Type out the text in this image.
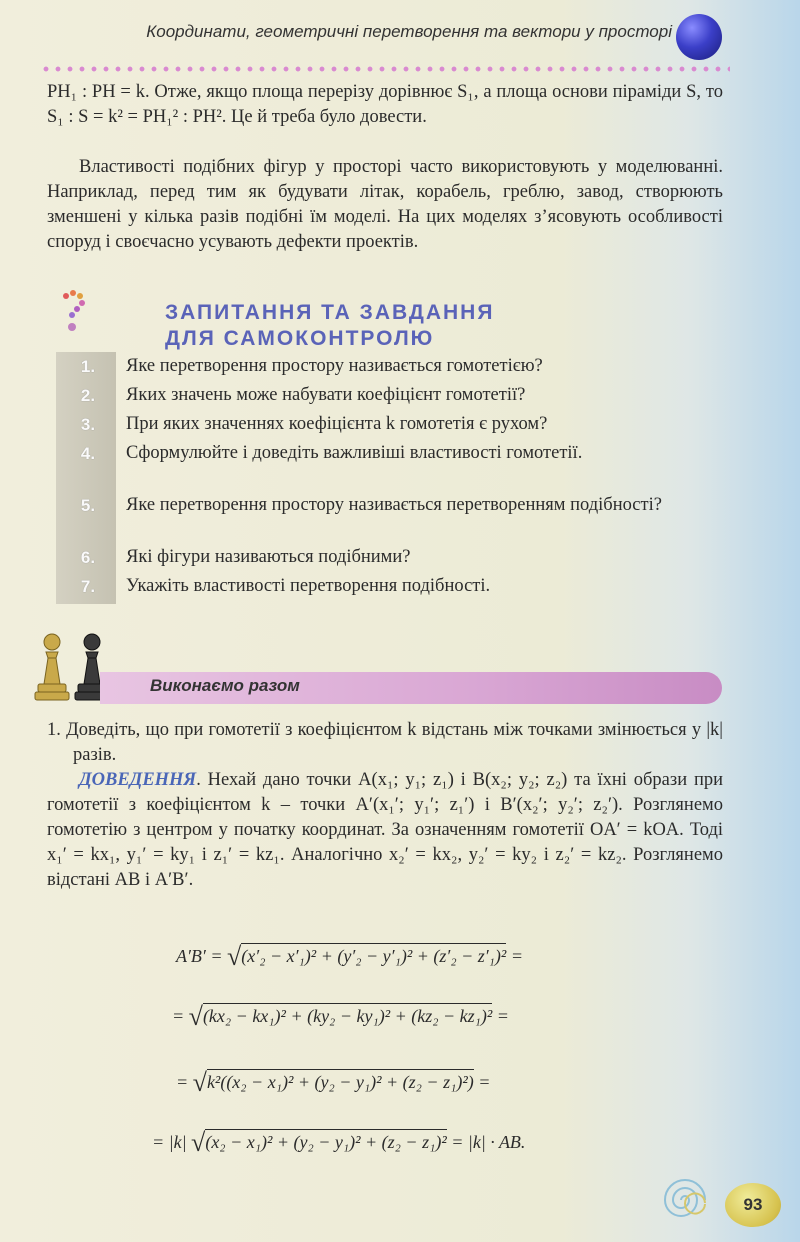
Координати, геометричні перетворення та вектори у просторі

PH₁ : PH = k. Отже, якщо площа перерізу дорівнює S₁, а площа основи піраміди S, то S₁ : S = k² = PH₁² : PH². Це й треба було довести.

Властивості подібних фігур у просторі часто використовують у моделюванні. Наприклад, перед тим як будувати літак, корабель, греблю, завод, створюють зменшені у кілька разів подібні їм моделі. На цих моделях з’ясовують особливості споруд і своєчасно усувають дефекти проектів.

ЗАПИТАННЯ ТА ЗАВДАННЯ
ДЛЯ САМОКОНТРОЛЮ

1.	Яке перетворення простору називається гомотетією?

2.	Яких значень може набувати коефіцієнт гомотетії?

3.	При яких значеннях коефіцієнта k гомотетія є рухом?

4.	Сформулюйте і доведіть важливіші властивості гомотетії.

5.	Яке перетворення простору називається перетворенням подібності?

6.	Які фігури називаються подібними?

7.	Укажіть властивості перетворення подібності.

Виконаємо разом
1. Доведіть, що при гомотетії з коефіцієнтом k відстань між точками змінюється у |k| разів.
ДОВЕДЕННЯ. Нехай дано точки A(x₁; y₁; z₁) і B(x₂; y₂; z₂) та їхні образи при гомотетії з коефіцієнтом k – точки A′(x₁′; y₁′; z₁′) і B′(x₂′; y₂′; z₂′). Розглянемо гомотетію з центром у початку координат. За означенням гомотетії OA′ = kOA. Тоді x₁′ = kx₁, y₁′ = ky₁ і z₁′ = kz₁. Аналогічно x₂′ = kx₂, y₂′ = ky₂ і z₂′ = kz₂. Розглянемо відстані AB і A′B′.
A′B′ = √(x′₂ − x′₁)² + (y′₂ − y′₁)² + (z′₂ − z′₁)² =
= √(kx₂ − kx₁)² + (ky₂ − ky₁)² + (kz₂ − kz₁)² =
= √k²((x₂ − x₁)² + (y₂ − y₁)² + (z₂ − z₁)²) =
= |k| √(x₂ − x₁)² + (y₂ − y₁)² + (z₂ − z₁)² = |k| · AB.
93
